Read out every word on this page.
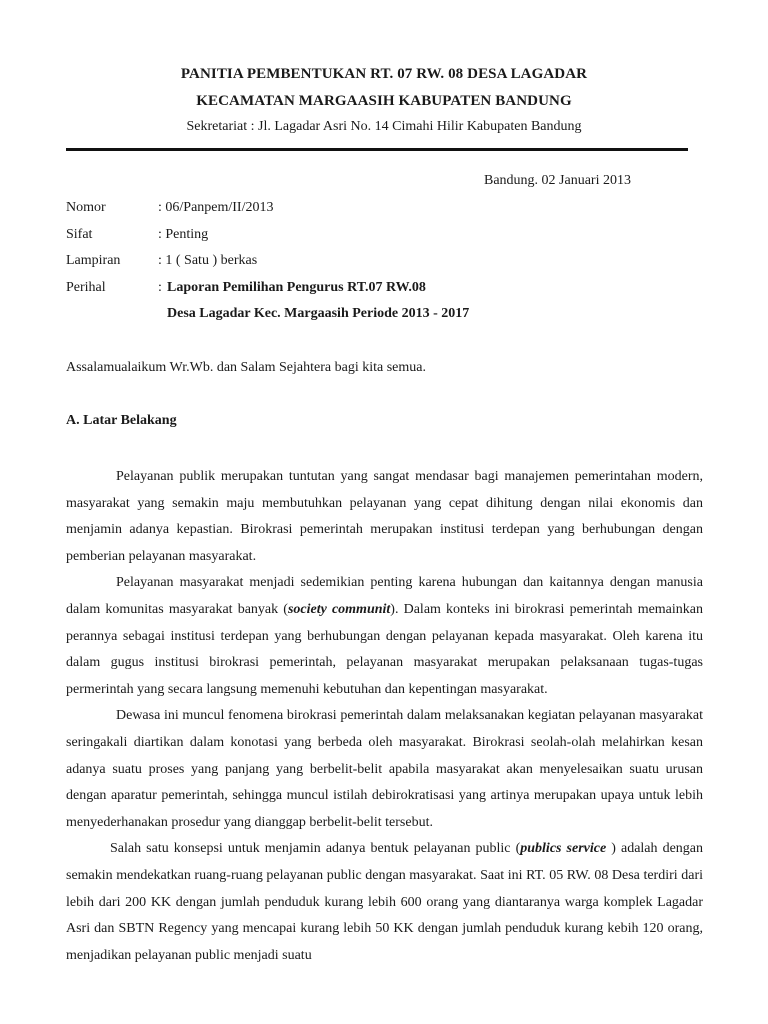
PANITIA PEMBENTUKAN RT. 07 RW. 08 DESA LAGADAR
KECAMATAN MARGAASIH KABUPATEN BANDUNG
Sekretariat : Jl. Lagadar Asri No. 14 Cimahi Hilir Kabupaten Bandung
Bandung. 02 Januari 2013
Nomor	: 06/Panpem/II/2013
Sifat	: Penting
Lampiran	: 1 ( Satu ) berkas
Perihal	: Laporan Pemilihan Pengurus RT.07 RW.08
Desa Lagadar Kec. Margaasih Periode 2013 - 2017
Assalamualaikum Wr.Wb. dan Salam Sejahtera bagi kita semua.
A. Latar Belakang

Pelayanan publik merupakan tuntutan yang sangat mendasar bagi manajemen pemerintahan modern, masyarakat yang semakin maju membutuhkan pelayanan yang cepat dihitung dengan nilai ekonomis dan menjamin adanya kepastian. Birokrasi pemerintah merupakan institusi terdepan yang berhubungan dengan pemberian pelayanan masyarakat.

Pelayanan masyarakat menjadi sedemikian penting karena hubungan dan kaitannya dengan manusia dalam komunitas masyarakat banyak (society communit). Dalam konteks ini birokrasi pemerintah memainkan perannya sebagai institusi terdepan yang berhubungan dengan pelayanan kepada masyarakat. Oleh karena itu dalam gugus institusi birokrasi pemerintah, pelayanan masyarakat merupakan pelaksanaan tugas-tugas permerintah yang secara langsung memenuhi kebutuhan dan kepentingan masyarakat.

Dewasa ini muncul fenomena birokrasi pemerintah dalam melaksanakan kegiatan pelayanan masyarakat seringakali diartikan dalam konotasi yang berbeda oleh masyarakat. Birokrasi seolah-olah melahirkan kesan adanya suatu proses yang panjang yang berbelit-belit apabila masyarakat akan menyelesaikan suatu urusan dengan aparatur pemerintah, sehingga muncul istilah debirokratisasi yang artinya merupakan upaya untuk lebih menyederhanakan prosedur yang dianggap berbelit-belit tersebut.

Salah satu konsepsi untuk menjamin adanya bentuk pelayanan public (publics service ) adalah dengan semakin mendekatkan ruang-ruang pelayanan public dengan masyarakat. Saat ini RT. 05 RW. 08 Desa terdiri dari lebih dari 200 KK dengan jumlah penduduk kurang lebih 600 orang yang diantaranya warga komplek Lagadar Asri dan SBTN Regency yang mencapai kurang lebih 50 KK dengan jumlah penduduk kurang kebih 120 orang, menjadikan pelayanan public menjadi suatu
